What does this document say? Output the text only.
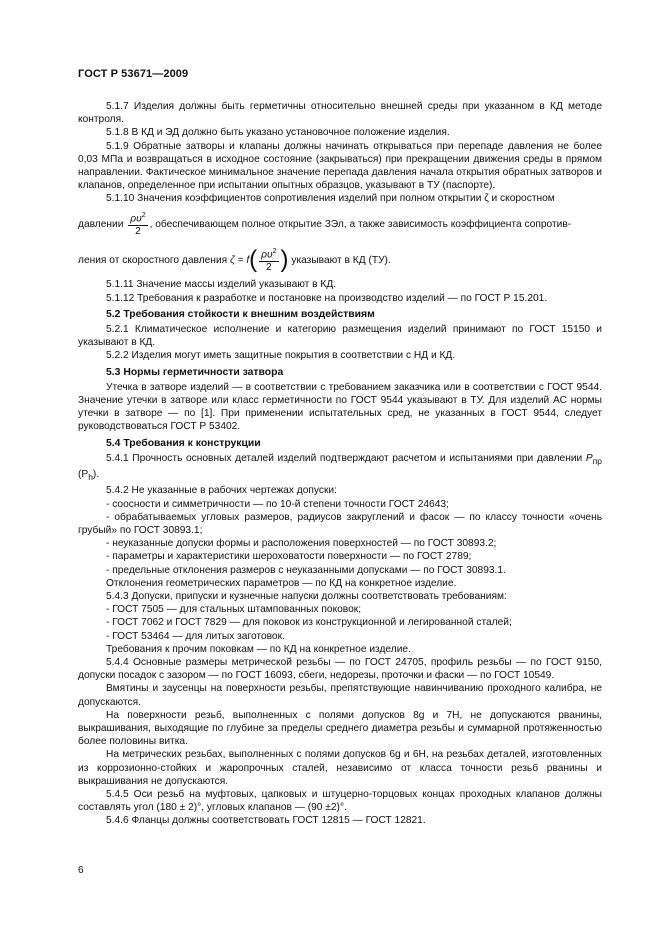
ГОСТ Р 53671—2009

5.1.7 Изделия должны быть герметичны относительно внешней среды при указанном в КД методе контроля.

5.1.8 В КД и ЭД должно быть указано установочное положение изделия.

5.1.9 Обратные затворы и клапаны должны начинать открываться при перепаде давления не более 0,03 МПа и возвращаться в исходное состояние (закрываться) при прекращении движения среды в прямом направлении. Фактическое минимальное значение перепада давления начала открытия обратных затворов и клапанов, определенное при испытании опытных образцов, указывают в ТУ (паспорте).

5.1.10 Значения коэффициентов сопротивления изделий при полном открытии ζ и скоростном

давлении $\frac{\rho\upsilon^2}{2}$ , обеспечивающем полное открытие ЗЭл, а также зависимость коэффициента сопротив-

ления от скоростного давления $\zeta = f( \frac{\rho\upsilon^2}{2}$ ) указывают в КД (ТУ).

5.1.11 Значение массы изделий указывают в КД.

5.1.12 Требования к разработке и постановке на производство изделий — по ГОСТ Р 15.201.

5.2 Требования стойкости к внешним воздействиям

5.2.1 Климатическое исполнение и категорию размещения изделий принимают по ГОСТ 15150 и указывают в КД.

5.2.2 Изделия могут иметь защитные покрытия в соответствии с НД и КД.

5.3 Нормы герметичности затвора

Утечка в затворе изделий — в соответствии с требованием заказчика или в соответствии с ГОСТ 9544. Значение утечки в затворе или класс герметичности по ГОСТ 9544 указывают в ТУ. Для изделий АС нормы утечки в затворе — по [1]. При применении испытательных сред, не указанных в ГОСТ 9544, следует руководствоваться ГОСТ Р 53402.

5.4 Требования к конструкции

5.4.1 Прочность основных деталей изделий подтверждают расчетом и испытаниями при давлении $P_{пр}$ $(P_h)$.

5.4.2 Не указанные в рабочих чертежах допуски:

- соосности и симметричности — по 10-й степени точности ГОСТ 24643;

- обрабатываемых угловых размеров, радиусов закруглений и фасок — по классу точности «очень грубый» по ГОСТ 30893.1;

- неуказанные допуски формы и расположения поверхностей — по ГОСТ 30893.2;

- параметры и характеристики шероховатости поверхности — по ГОСТ 2789;

- предельные отклонения размеров с неуказанными допусками — по ГОСТ 30893.1.

Отклонения геометрических параметров — по КД на конкретное изделие.

5.4.3 Допуски, припуски и кузнечные напуски должны соответствовать требованиям:

- ГОСТ 7505 — для стальных штампованных поковок;

- ГОСТ 7062 и ГОСТ 7829 — для поковок из конструкционной и легированной сталей;

- ГОСТ 53464 — для литых заготовок.

Требования к прочим поковкам — по КД на конкретное изделие.

5.4.4 Основные размеры метрической резьбы — по ГОСТ 24705, профиль резьбы — по ГОСТ 9150, допуски посадок с зазором — по ГОСТ 16093, сбеги, недорезы, проточки и фаски — по ГОСТ 10549.

Вмятины и заусенцы на поверхности резьбы, препятствующие навинчиванию проходного калибра, не допускаются.

На поверхности резьб, выполненных с полями допусков 8g и 7H, не допускаются рванины, выкрашивания, выходящие по глубине за пределы среднего диаметра резьбы и суммарной протяженностью более половины витка.

На метрических резьбах, выполненных с полями допусков 6g и 6H, на резьбах деталей, изготовленных из коррозионно-стойких и жаропрочных сталей, независимо от класса точности резьб рванины и выкрашивания не допускаются.

5.4.5 Оси резьб на муфтовых, цапковых и штуцерно-торцовых концах проходных клапанов должны составлять угол (180 ± 2)°, угловых клапанов — (90 ±2)°.

5.4.6 Фланцы должны соответствовать ГОСТ 12815 — ГОСТ 12821.

6
